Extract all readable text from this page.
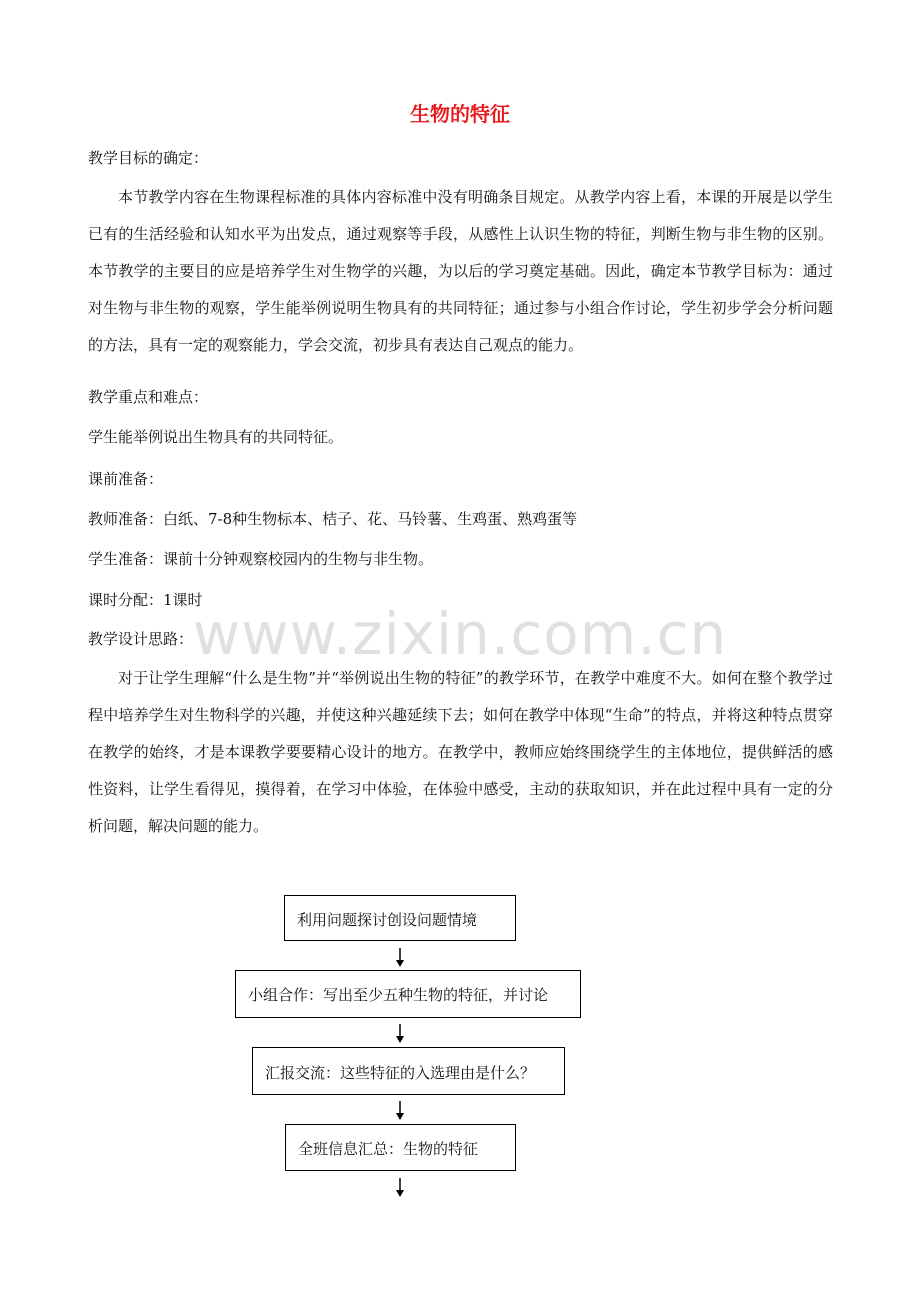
生物的特征

教学目标的确定：

本节教学内容在生物课程标准的具体内容标准中没有明确条目规定。从教学内容上看，本课的开展是以学生已有的生活经验和认知水平为出发点，通过观察等手段，从感性上认识生物的特征，判断生物与非生物的区别。本节教学的主要目的应是培养学生对生物学的兴趣，为以后的学习奠定基础。因此，确定本节教学目标为：通过对生物与非生物的观察，学生能举例说明生物具有的共同特征；通过参与小组合作讨论，学生初步学会分析问题的方法，具有一定的观察能力，学会交流，初步具有表达自己观点的能力。

教学重点和难点：

学生能举例说出生物具有的共同特征。

课前准备：

教师准备：白纸、7-8种生物标本、桔子、花、马铃薯、生鸡蛋、熟鸡蛋等

学生准备：课前十分钟观察校园内的生物与非生物。

课时分配：1课时

教学设计思路： www.zixin.com.cn

对于让学生理解“什么是生物”并“举例说出生物的特征”的教学环节，在教学中难度不大。如何在整个教学过程中培养学生对生物科学的兴趣，并使这种兴趣延续下去；如何在教学中体现“生命”的特点，并将这种特点贯穿在教学的始终，才是本课教学要要精心设计的地方。在教学中，教师应始终围绕学生的主体地位，提供鲜活的感性资料，让学生看得见，摸得着，在学习中体验，在体验中感受，主动的获取知识，并在此过程中具有一定的分析问题，解决问题的能力。

利用问题探讨创设问题情境
小组合作：写出至少五种生物的特征，并讨论
汇报交流：这些特征的入选理由是什么？
全班信息汇总：生物的特征
